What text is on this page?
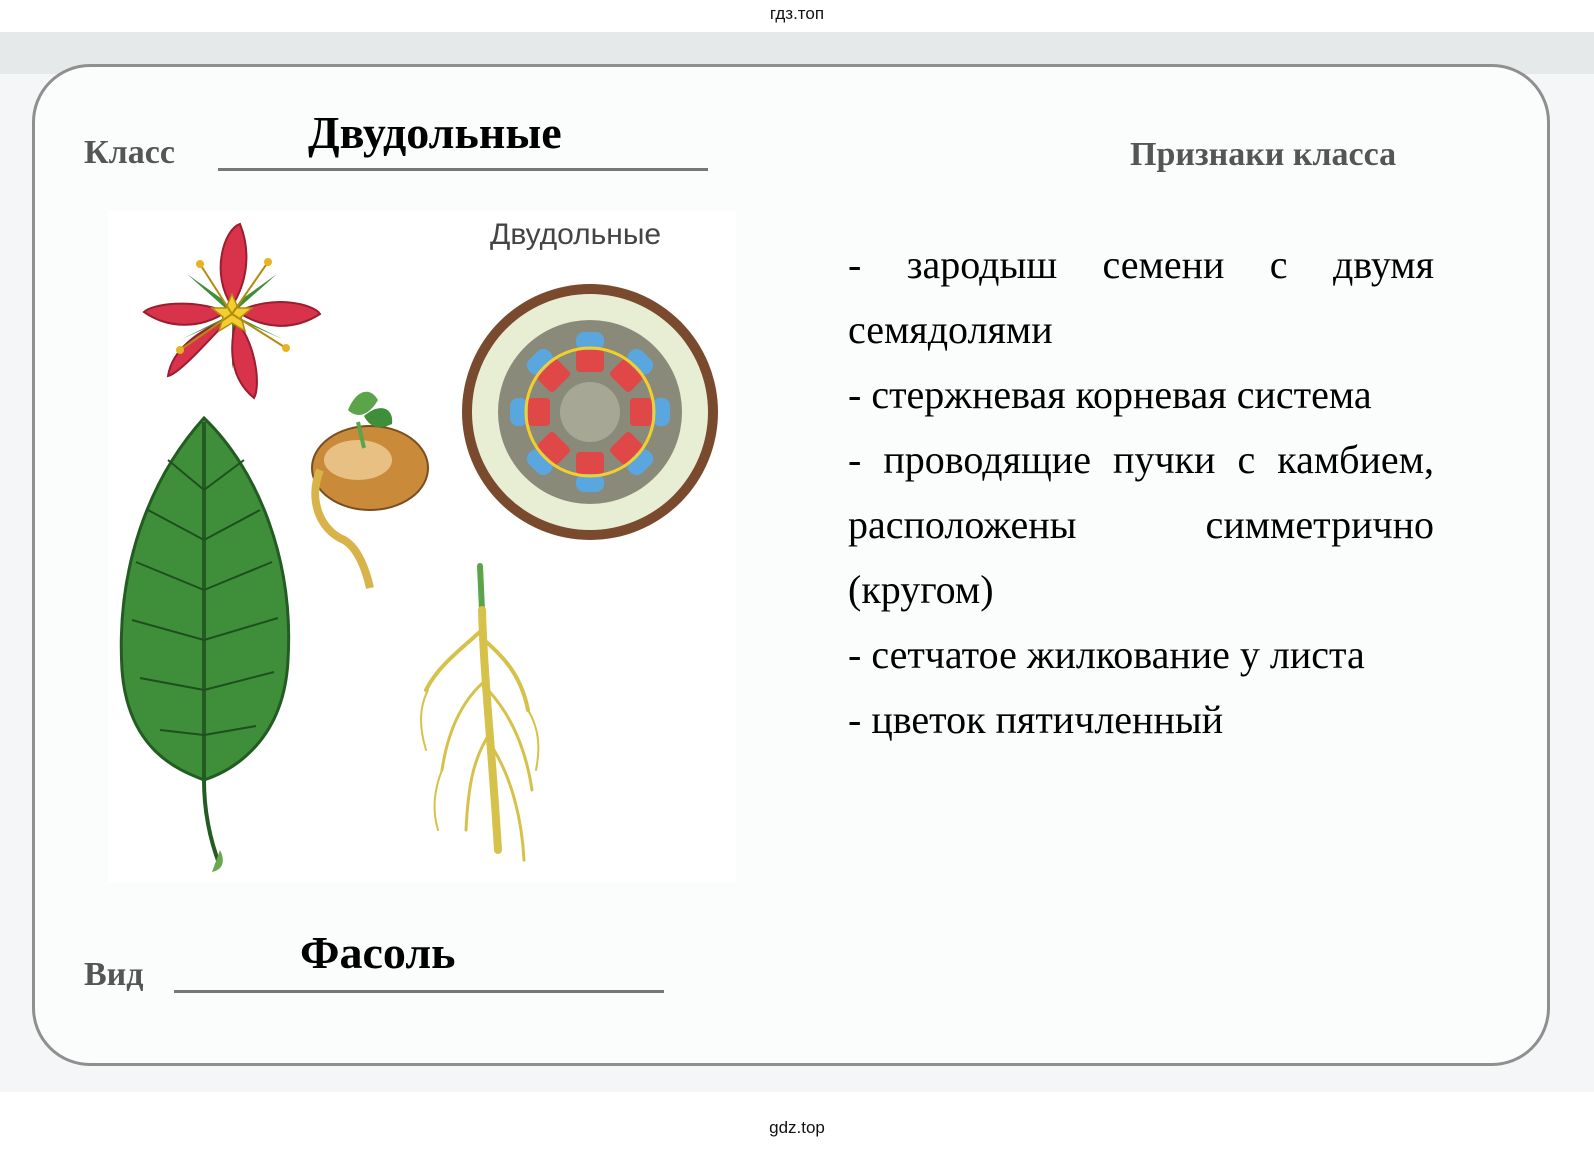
гдз.топ
Класс	Двудольные	Признаки класса
Двудольные

- зародыш семени с двумя семядолями

- стержневая корневая система

- проводящие пучки с камбием, расположены симметрично (кругом)

- сетчатое жилкование у листа

- цветок пятичленный

Вид	Фасоль
gdz.top
